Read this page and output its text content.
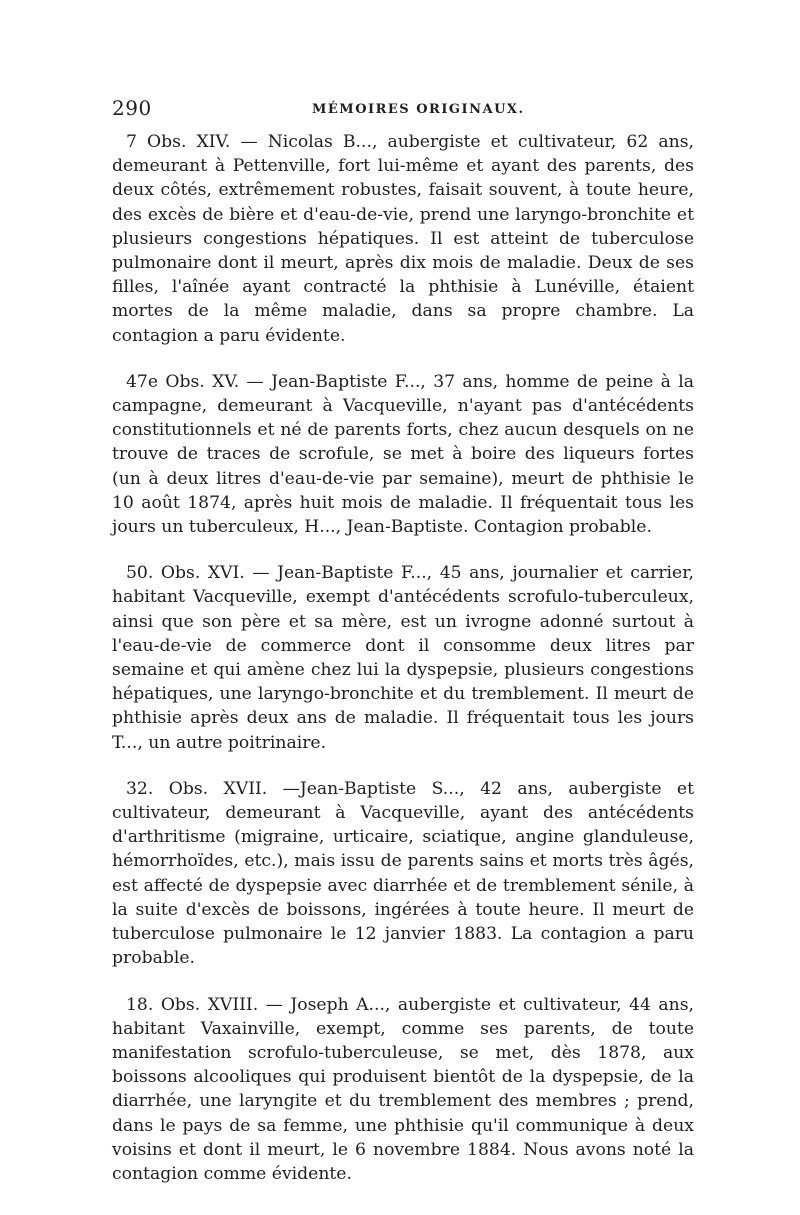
290	MÉMOIRES ORIGINAUX.

7 Obs. XIV. — Nicolas B..., aubergiste et cultivateur, 62 ans, demeurant à Pettenville, fort lui-même et ayant des parents, des deux côtés, extrêmement robustes, faisait souvent, à toute heure, des excès de bière et d'eau-de-vie, prend une laryngo-bronchite et plusieurs congestions hépatiques. Il est atteint de tuberculose pulmonaire dont il meurt, après dix mois de maladie. Deux de ses filles, l'aînée ayant contracté la phthisie à Lunéville, étaient mortes de la même maladie, dans sa propre chambre. La contagion a paru évidente.

47e Obs. XV. — Jean-Baptiste F..., 37 ans, homme de peine à la campagne, demeurant à Vacqueville, n'ayant pas d'antécédents constitutionnels et né de parents forts, chez aucun desquels on ne trouve de traces de scrofule, se met à boire des liqueurs fortes (un à deux litres d'eau-de-vie par semaine), meurt de phthisie le 10 août 1874, après huit mois de maladie. Il fréquentait tous les jours un tuberculeux, H..., Jean-Baptiste. Contagion probable.

50. Obs. XVI. — Jean-Baptiste F..., 45 ans, journalier et carrier, habitant Vacqueville, exempt d'antécédents scrofulo-tuberculeux, ainsi que son père et sa mère, est un ivrogne adonné surtout à l'eau-de-vie de commerce dont il consomme deux litres par semaine et qui amène chez lui la dyspepsie, plusieurs congestions hépatiques, une laryngo-bronchite et du tremblement. Il meurt de phthisie après deux ans de maladie. Il fréquentait tous les jours T..., un autre poitrinaire.

32. Obs. XVII. —Jean-Baptiste S..., 42 ans, aubergiste et cultivateur, demeurant à Vacqueville, ayant des antécédents d'arthritisme (migraine, urticaire, sciatique, angine glanduleuse, hémorrhoïdes, etc.), mais issu de parents sains et morts très âgés, est affecté de dyspepsie avec diarrhée et de tremblement sénile, à la suite d'excès de boissons, ingérées à toute heure. Il meurt de tuberculose pulmonaire le 12 janvier 1883. La contagion a paru probable.

18. Obs. XVIII. — Joseph A..., aubergiste et cultivateur, 44 ans, habitant Vaxainville, exempt, comme ses parents, de toute manifestation scrofulo-tuberculeuse, se met, dès 1878, aux boissons alcooliques qui produisent bientôt de la dyspepsie, de la diarrhée, une laryngite et du tremblement des membres ; prend, dans le pays de sa femme, une phthisie qu'il communique à deux voisins et dont il meurt, le 6 novembre 1884. Nous avons noté la contagion comme évidente.
